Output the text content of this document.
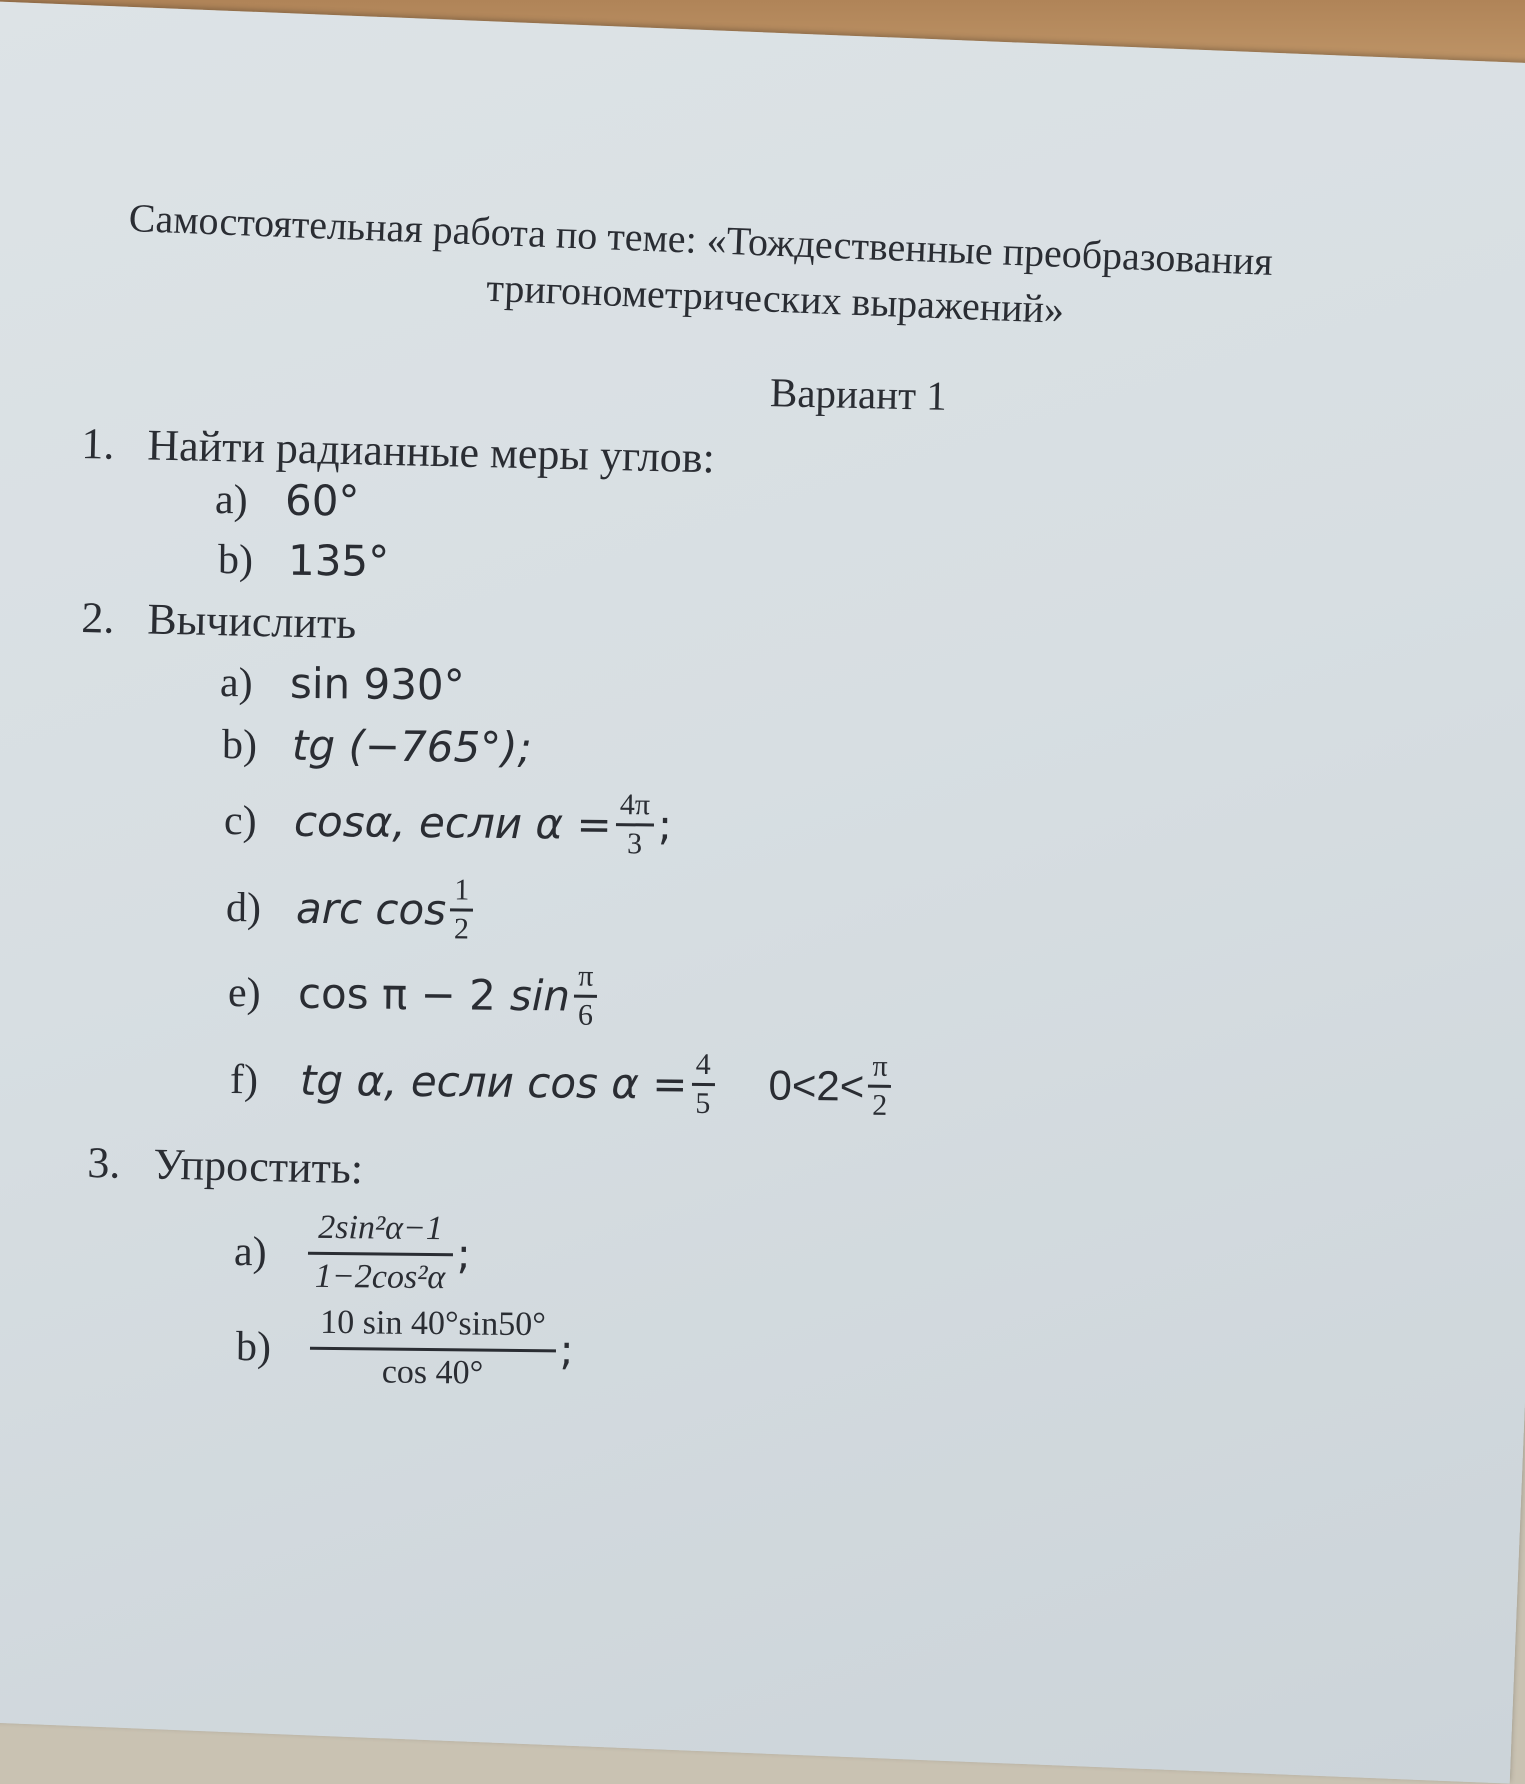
Самостоятельная работа по теме: «Тождественные преобразования
тригонометрических выражений»
Вариант 1
1. Найти радианные меры углов:
a) 60°
b) 135°
2. Вычислить
a) sin 930°
b) tg (−765°);
c) cosα, если $\alpha = \frac{4\pi}{3}$ ;
d) arc $\cos \frac{1}{2}$
e) cos π − 2 $\sin \frac{\pi}{6}$
f) tg α, если $\cos \alpha = \frac{4}{5} 0<2< \frac{\pi}{2}$
3. Упростить:
a)	$\frac{\text{2sin²α−1}}{\text{1−2cos²α}}$ ;
b)	$\frac{10 \sin 40^\circ\sin 50^\circ}{\cos 40^\circ}$ ;
